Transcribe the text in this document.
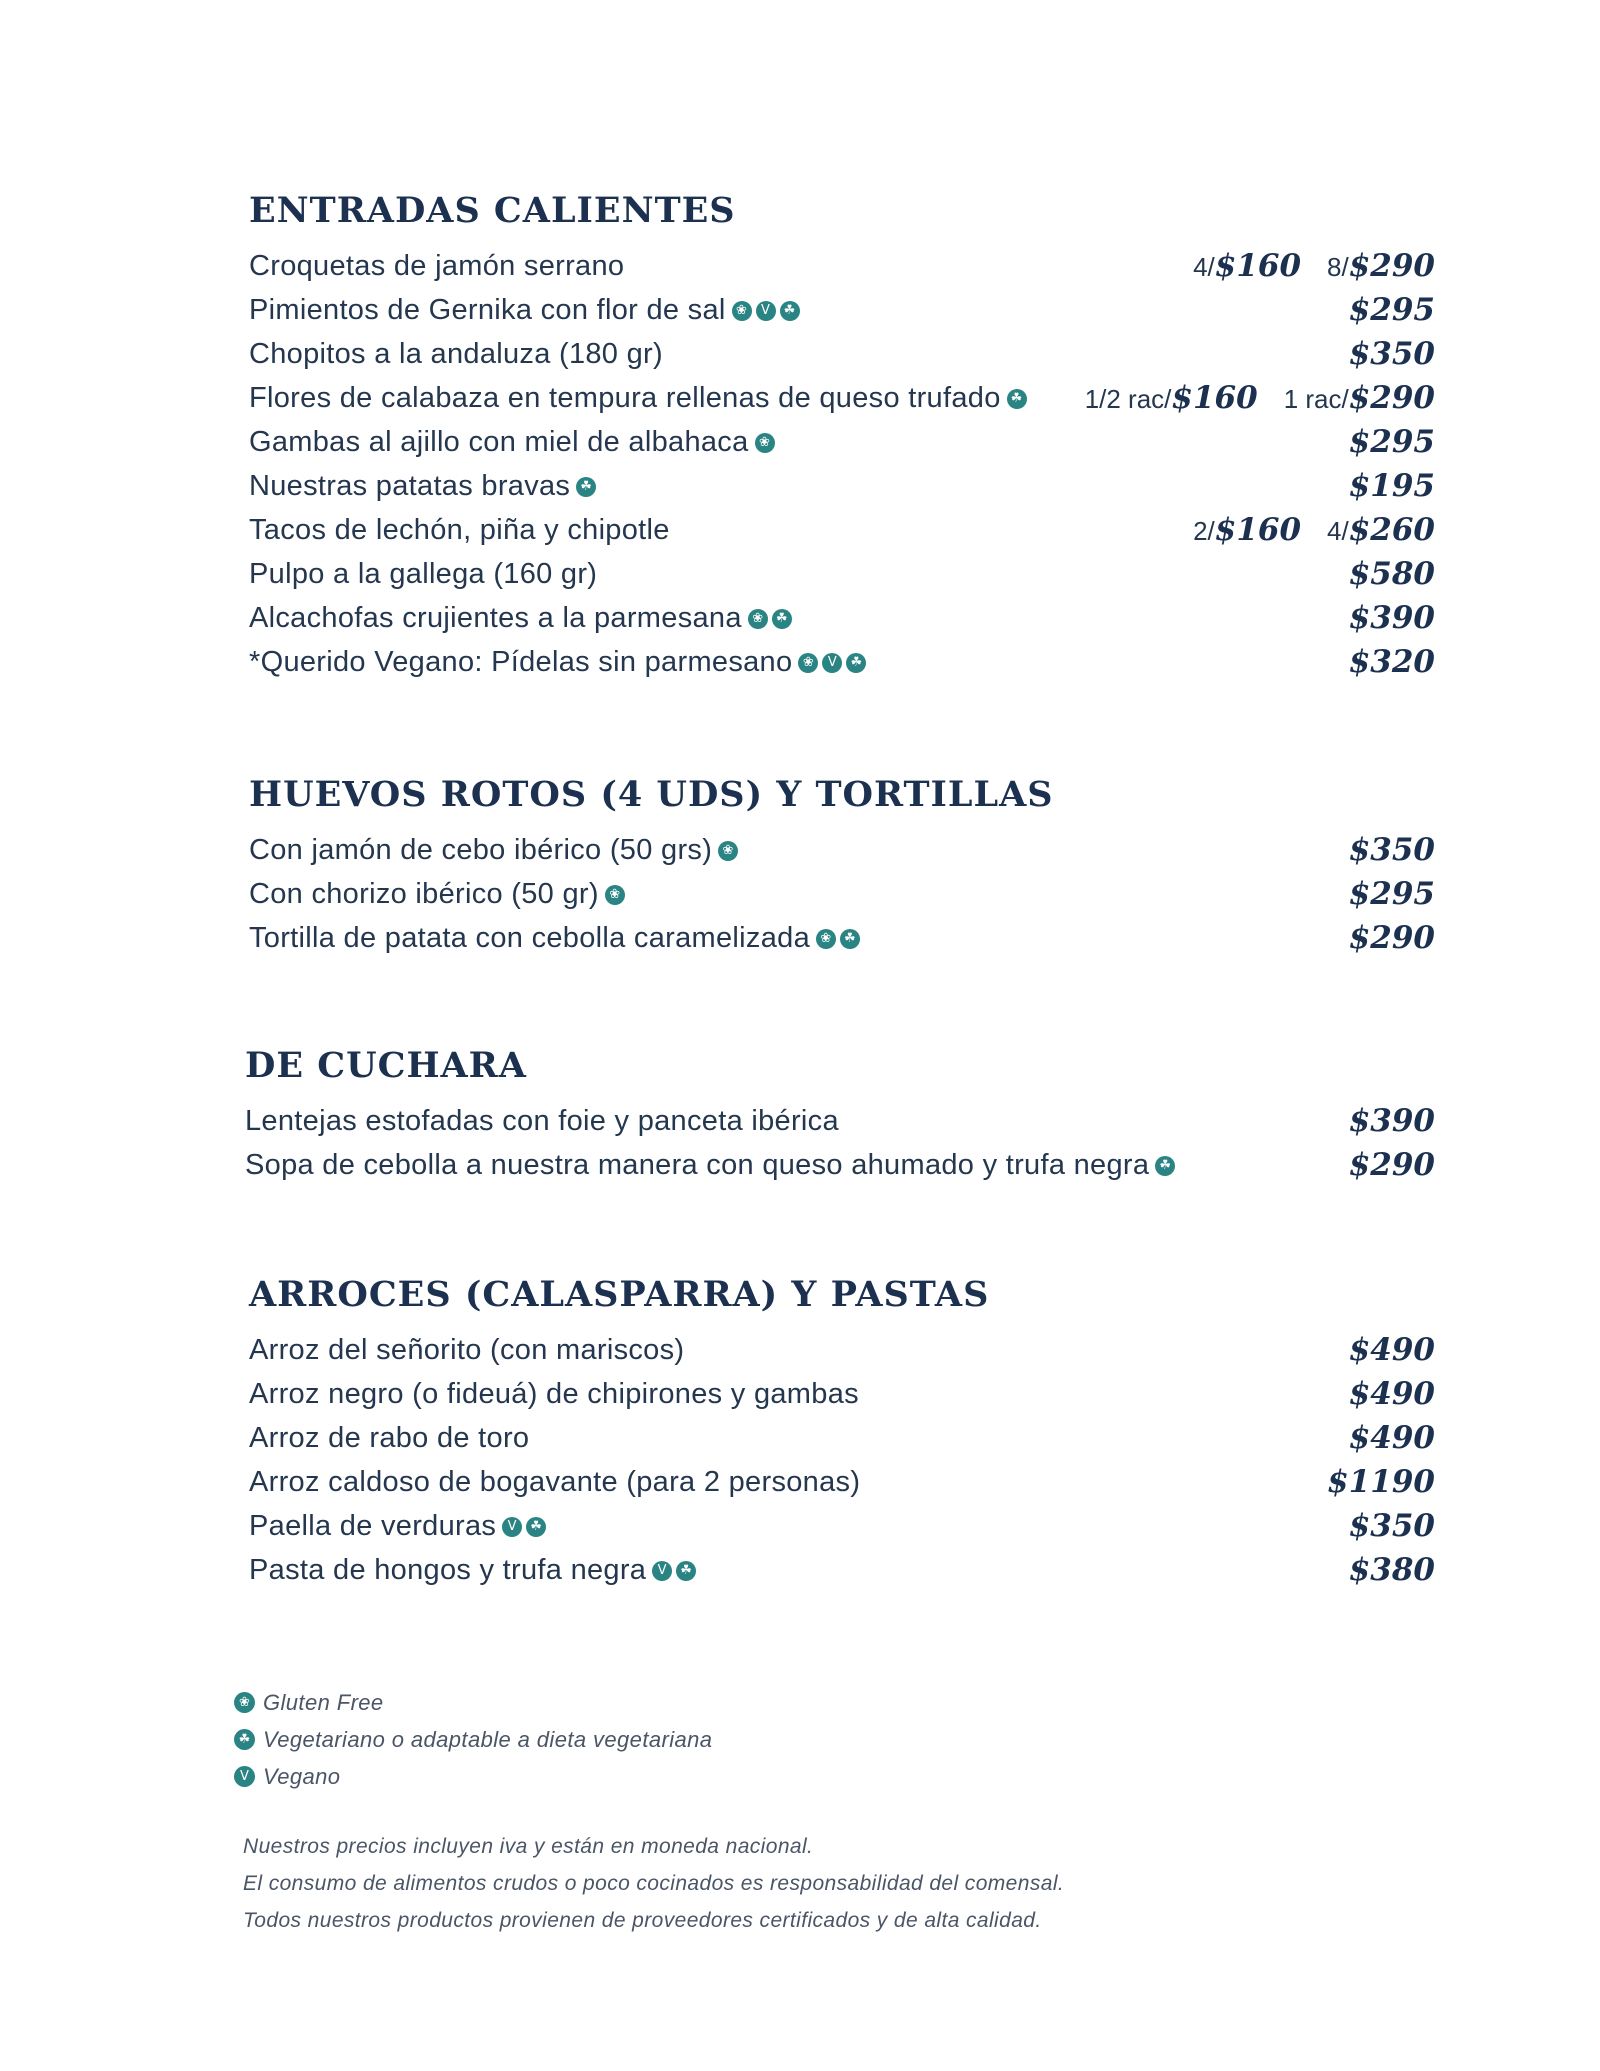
ENTRADAS CALIENTES
Croquetas de jamón serrano	4/$160 8/$290
Pimientos de Gernika con flor de sal ❀ V ☘	$295
Chopitos a la andaluza (180 gr)	$350
Flores de calabaza en tempura rellenas de queso trufado ☘	1/2 rac/$160 1 rac/$290
Gambas al ajillo con miel de albahaca ❀	$295
Nuestras patatas bravas ☘	$195
Tacos de lechón, piña y chipotle	2/$160 4/$260
Pulpo a la gallega (160 gr)	$580
Alcachofas crujientes a la parmesana ❀ ☘	$390
*Querido Vegano: Pídelas sin parmesano ❀ V ☘	$320
HUEVOS ROTOS (4 UDS) Y TORTILLAS
Con jamón de cebo ibérico (50 grs) ❀	$350
Con chorizo ibérico (50 gr) ❀	$295
Tortilla de patata con cebolla caramelizada ❀ ☘	$290
DE CUCHARA
Lentejas estofadas con foie y panceta ibérica	$390
Sopa de cebolla a nuestra manera con queso ahumado y trufa negra ☘	$290
ARROCES (CALASPARRA) Y PASTAS
Arroz del señorito (con mariscos)	$490
Arroz negro (o fideuá) de chipirones y gambas	$490
Arroz de rabo de toro	$490
Arroz caldoso de bogavante (para 2 personas)	$1190
Paella de verduras V ☘	$350
Pasta de hongos y trufa negra V ☘	$380
❀ Gluten Free
☘ Vegetariano o adaptable a dieta vegetariana
V Vegano
Nuestros precios incluyen iva y están en moneda nacional.
El consumo de alimentos crudos o poco cocinados es responsabilidad del comensal.
Todos nuestros productos provienen de proveedores certificados y de alta calidad.
